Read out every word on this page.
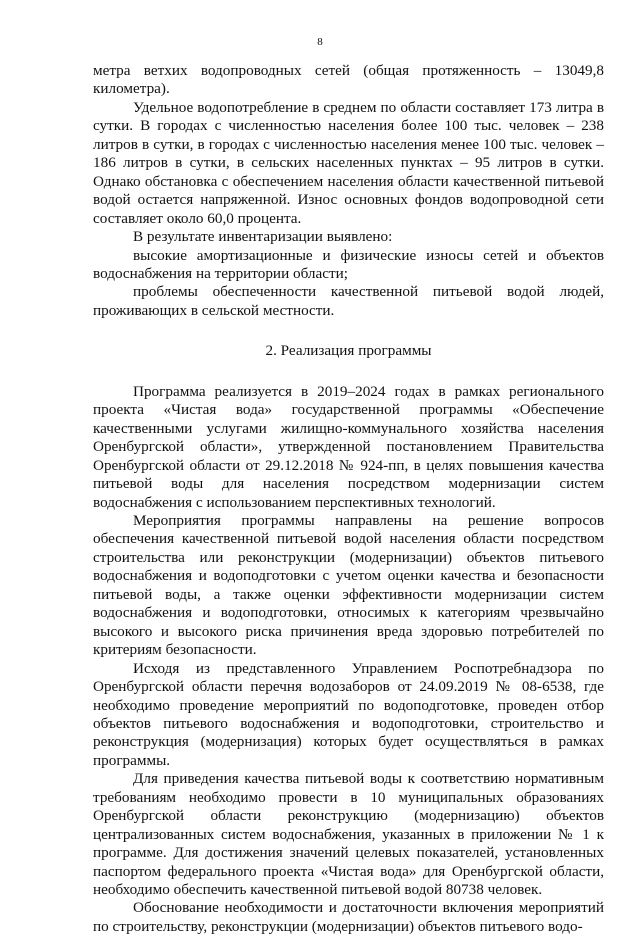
8

метра ветхих водопроводных сетей (общая протяженность – 13049,8 километра).

Удельное водопотребление в среднем по области составляет 173 литра в сутки. В городах с численностью населения более 100 тыс. человек – 238 литров в сутки, в городах с численностью населения менее 100 тыс. человек – 186 литров в сутки, в сельских населенных пунктах – 95 литров в сутки. Однако обстановка с обеспечением населения области качественной питьевой водой остается напряженной. Износ основных фондов водопроводной сети составляет около 60,0 процента.

В результате инвентаризации выявлено:

высокие амортизационные и физические износы сетей и объектов водоснабжения на территории области;

проблемы обеспеченности качественной питьевой водой людей, проживающих в сельской местности.

2. Реализация программы

Программа реализуется в 2019–2024 годах в рамках регионального проекта «Чистая вода» государственной программы «Обеспечение качественными услугами жилищно-коммунального хозяйства населения Оренбургской области», утвержденной постановлением Правительства Оренбургской области от 29.12.2018 № 924-пп, в целях повышения качества питьевой воды для населения посредством модернизации систем водоснабжения с использованием перспективных технологий.

Мероприятия программы направлены на решение вопросов обеспечения качественной питьевой водой населения области посредством строительства или реконструкции (модернизации) объектов питьевого водоснабжения и водоподготовки с учетом оценки качества и безопасности питьевой воды, а также оценки эффективности модернизации систем водоснабжения и водоподготовки, относимых к категориям чрезвычайно высокого и высокого риска причинения вреда здоровью потребителей по критериям безопасности.

Исходя из представленного Управлением Роспотребнадзора по Оренбургской области перечня водозаборов от 24.09.2019 № 08-6538, где необходимо проведение мероприятий по водоподготовке, проведен отбор объектов питьевого водоснабжения и водоподготовки, строительство и реконструкция (модернизация) которых будет осуществляться в рамках программы.

Для приведения качества питьевой воды к соответствию нормативным требованиям необходимо провести в 10 муниципальных образованиях Оренбургской области реконструкцию (модернизацию) объектов централизованных систем водоснабжения, указанных в приложении № 1 к программе. Для достижения значений целевых показателей, установленных паспортом федерального проекта «Чистая вода» для Оренбургской области, необходимо обеспечить качественной питьевой водой 80738 человек.

Обоснование необходимости и достаточности включения мероприятий по строительству, реконструкции (модернизации) объектов питьевого водо-
